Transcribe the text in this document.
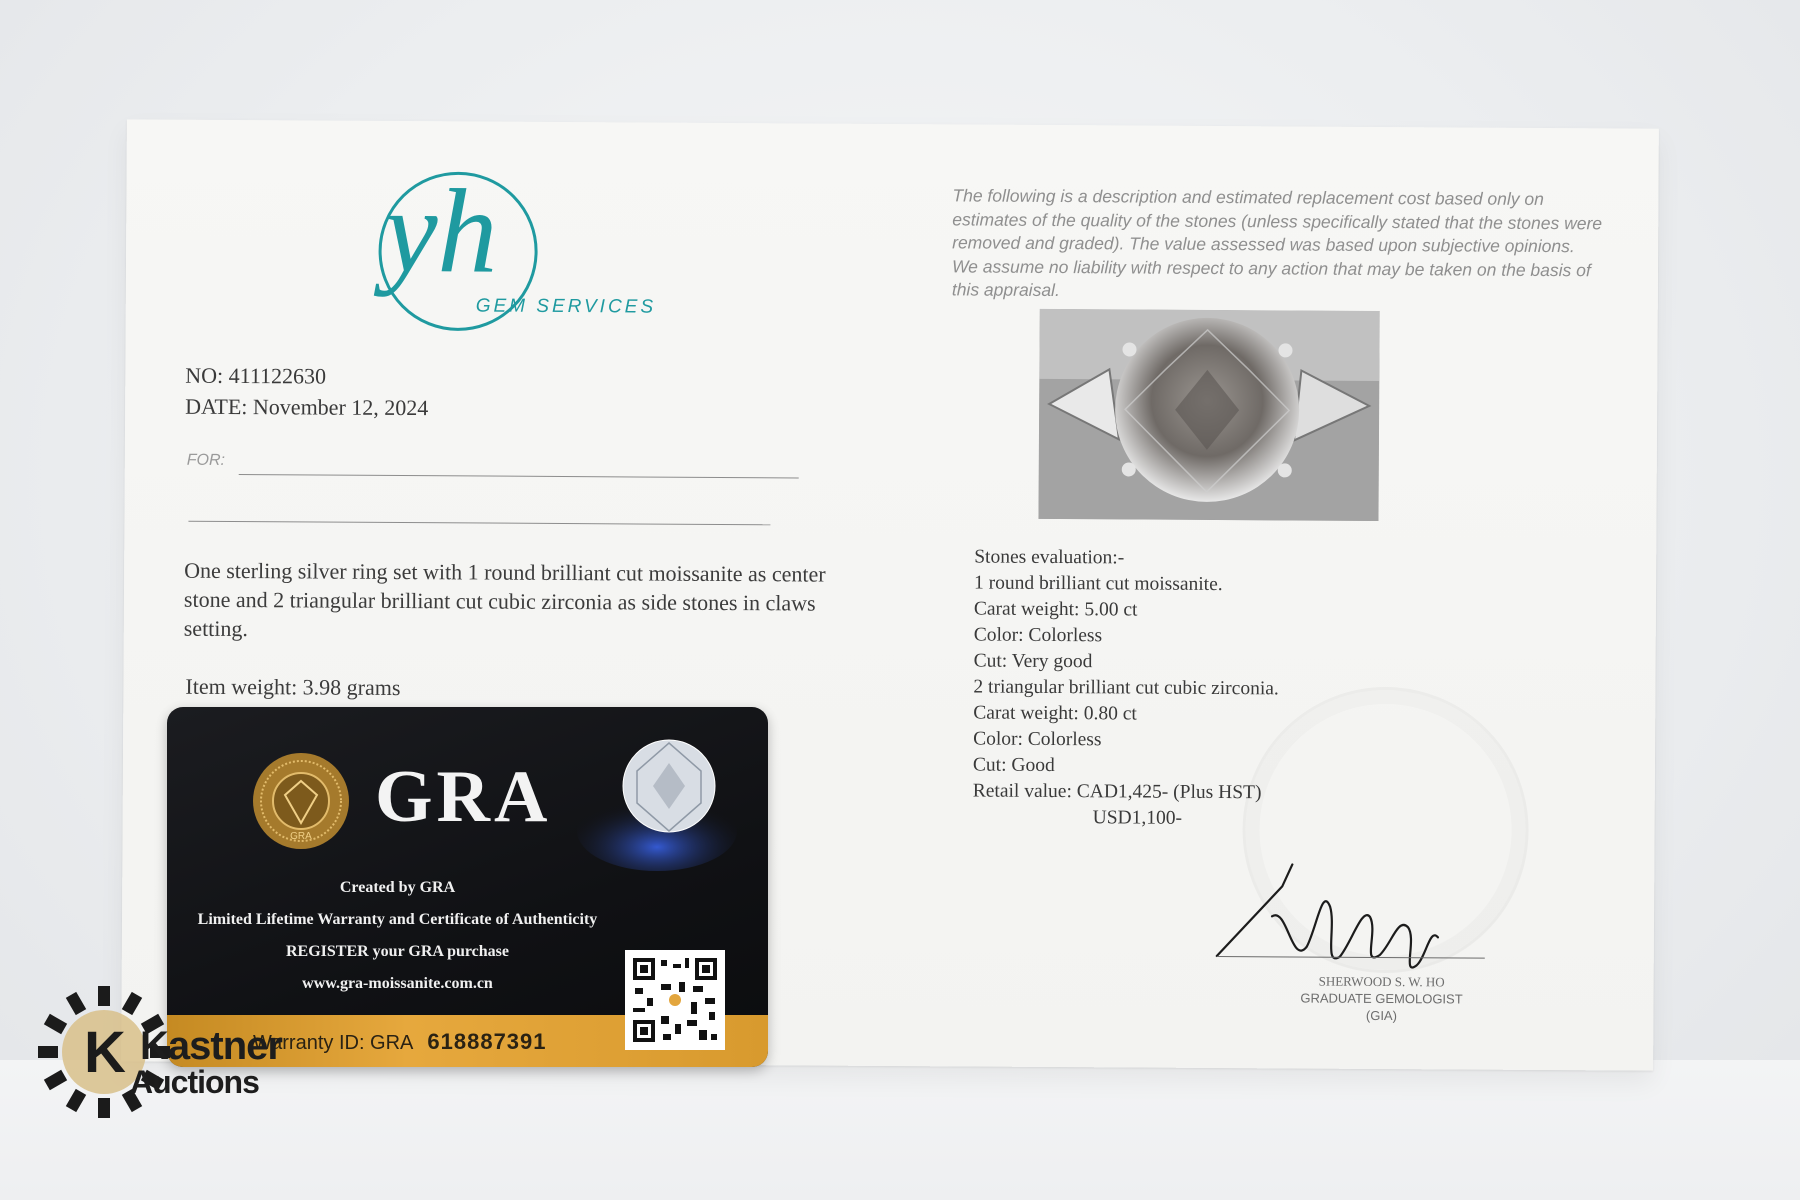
yh
GEM SERVICES
NO: 411122630
DATE: November 12, 2024
FOR:
One sterling silver ring set with 1 round brilliant cut moissanite as center stone and 2 triangular brilliant cut cubic zirconia as side stones in claws setting.
Item weight: 3.98 grams
The following is a description and estimated replacement cost based only on estimates of the quality of the stones (unless specifically stated that the stones were removed and graded). The value assessed was based upon subjective opinions. We assume no liability with respect to any action that may be taken on the basis of this appraisal.
Stones evaluation:-
1 round brilliant cut moissanite.
Carat weight: 5.00 ct
Color: Colorless
Cut: Very good
2 triangular brilliant cut cubic zirconia.
Carat weight: 0.80 ct
Color: Colorless
Cut: Good
Retail value: CAD1,425- (Plus HST)
USD1,100-
SHERWOOD S. W. HO
GRADUATE GEMOLOGIST
(GIA)
GRA GRA
Created by GRA
Limited Lifetime Warranty and Certificate of Authenticity
REGISTER your GRA purchase
www.gra-moissanite.com.cn
Warranty ID: GRA 618887391
K Kastner
Auctions
